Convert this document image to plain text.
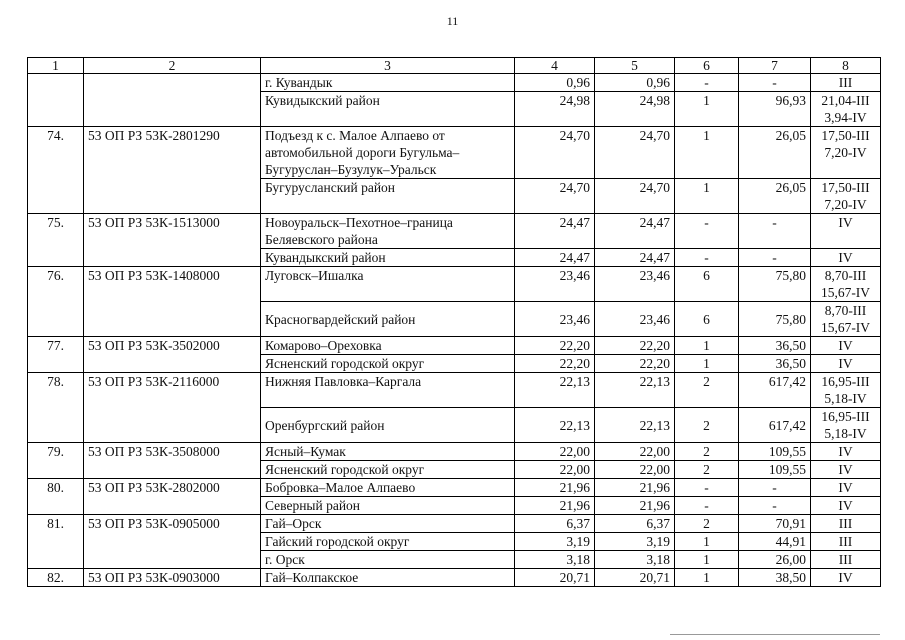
11
1	2	3	4	5	6	7	8
		г. Кувандык	0,96	0,96	-	-	III
		Кувидыкский район	24,98	24,98	1	96,93	21,04-III
3,94-IV

74.	53 ОП РЗ 53К-2801290	Подъезд к с. Малое Алпаево от
автомобильной дороги Бугульма–
Бугуруслан–Бузулук–Уральск	24,70	24,70	1	26,05	17,50-III
7,20-IV

		Бугурусланский район	24,70	24,70	1	26,05	17,50-III
7,20-IV

75.	53 ОП РЗ 53К-1513000	Новоуральск–Пехотное–граница
Беляевского района	24,47	24,47	-	-	IV
		Кувандыкский район	24,47	24,47	-	-	IV
76.	53 ОП РЗ 53К-1408000	Луговск–Ишалка	23,46	23,46	6	75,80	8,70-III
15,67-IV

		Красногвардейский район	23,46	23,46	6	75,80	8,70-III
15,67-IV

77.	53 ОП РЗ 53К-3502000	Комарово–Ореховка	22,20	22,20	1	36,50	IV
		Ясненский городской округ	22,20	22,20	1	36,50	IV
78.	53 ОП РЗ 53К-2116000	Нижняя Павловка–Каргала	22,13	22,13	2	617,42	16,95-III
5,18-IV

		Оренбургский район	22,13	22,13	2	617,42	16,95-III
5,18-IV

79.	53 ОП РЗ 53К-3508000	Ясный–Кумак	22,00	22,00	2	109,55	IV
		Ясненский городской округ	22,00	22,00	2	109,55	IV
80.	53 ОП РЗ 53К-2802000	Бобровка–Малое Алпаево	21,96	21,96	-	-	IV
		Северный район	21,96	21,96	-	-	IV
81.	53 ОП РЗ 53К-0905000	Гай–Орск	6,37	6,37	2	70,91	III
		Гайский городской округ	3,19	3,19	1	44,91	III
		г. Орск	3,18	3,18	1	26,00	III
82.	53 ОП РЗ 53К-0903000	Гай–Колпакское	20,71	20,71	1	38,50	IV
